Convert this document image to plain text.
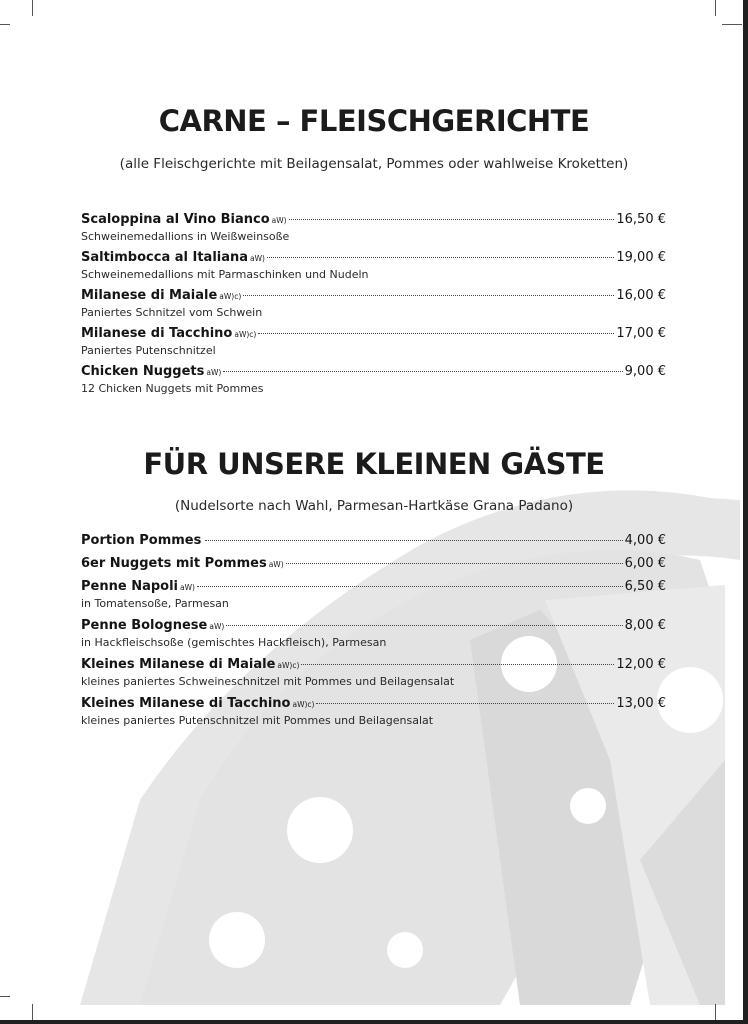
CARNE – FLEISCHGERICHTE

(alle Fleischgerichte mit Beilagensalat, Pommes oder wahlweise Kroketten)

Scaloppina al Vino Bianco aW)	16,50 €
Schweinemedallions in Weißweinsoße
Saltimbocca al Italiana aW)	19,00 €
Schweinemedallions mit Parmaschinken und Nudeln
Milanese di Maiale aW)c)	16,00 €
Paniertes Schnitzel vom Schwein
Milanese di Tacchino aW)c)	17,00 €
Paniertes Putenschnitzel
Chicken Nuggets aW)	9,00 €
12 Chicken Nuggets mit Pommes
FÜR UNSERE KLEINEN GÄSTE

(Nudelsorte nach Wahl, Parmesan-Hartkäse Grana Padano)

Portion Pommes	4,00 €
6er Nuggets mit Pommes aW)	6,00 €
Penne Napoli aW)	6,50 €
in Tomatensoße, Parmesan
Penne Bolognese aW)	8,00 €
in Hackfleischsoße (gemischtes Hackfleisch), Parmesan
Kleines Milanese di Maiale aW)c)	12,00 €
kleines paniertes Schweineschnitzel mit Pommes und Beilagensalat
Kleines Milanese di Tacchino aW)c)	13,00 €
kleines paniertes Putenschnitzel mit Pommes und Beilagensalat
